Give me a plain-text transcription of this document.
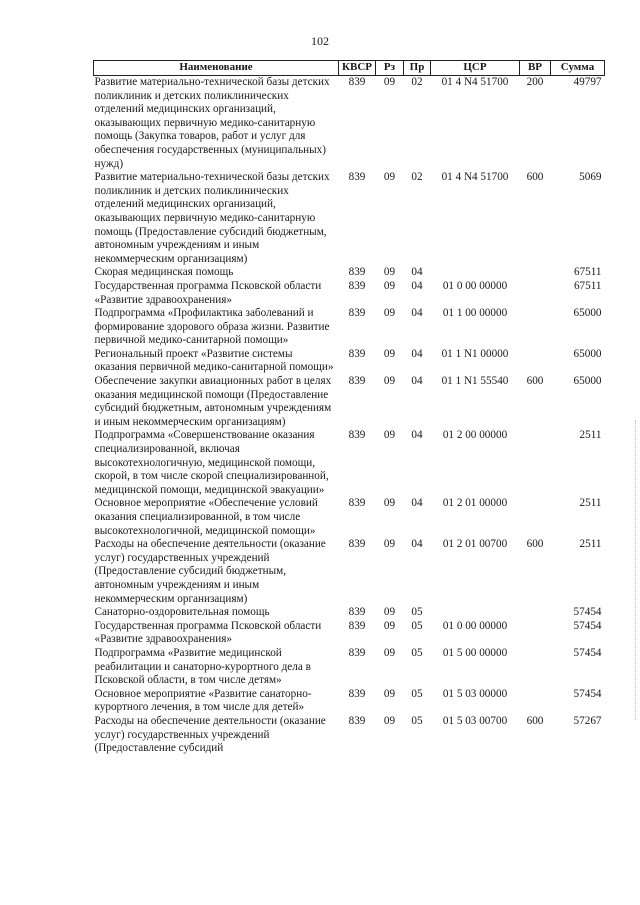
102
Наименование	КВСР	Рз	Пр	ЦСР	ВР	Сумма
Развитие материально-технической базы детских поликлиник и детских поликлинических отделений медицинских организаций, оказывающих первичную медико-санитарную помощь (Закупка товаров, работ и услуг для обеспечения государственных (муниципальных) нужд)	839	09	02	01 4 N4 51700	200	49797
Развитие материально-технической базы детских поликлиник и детских поликлинических отделений медицинских организаций, оказывающих первичную медико-санитарную помощь (Предоставление субсидий бюджетным, автономным учреждениям и иным некоммерческим организациям)	839	09	02	01 4 N4 51700	600	5069
Скорая медицинская помощь	839	09	04			67511
Государственная программа Псковской области «Развитие здравоохранения»	839	09	04	01 0 00 00000		67511
Подпрограмма «Профилактика заболеваний и формирование здорового образа жизни. Развитие первичной медико-санитарной помощи»	839	09	04	01 1 00 00000		65000
Региональный проект «Развитие системы оказания первичной медико-санитарной помощи»	839	09	04	01 1 N1 00000		65000
Обеспечение закупки авиационных работ в целях оказания медицинской помощи (Предоставление субсидий бюджетным, автономным учреждениям и иным некоммерческим организациям)	839	09	04	01 1 N1 55540	600	65000
Подпрограмма «Совершенствование оказания специализированной, включая высокотехнологичную, медицинской помощи, скорой, в том числе скорой специализированной, медицинской помощи, медицинской эвакуации»	839	09	04	01 2 00 00000		2511
Основное мероприятие «Обеспечение условий оказания специализированной, в том числе высокотехнологичной, медицинской помощи»	839	09	04	01 2 01 00000		2511
Расходы на обеспечение деятельности (оказание услуг) государственных учреждений (Предоставление субсидий бюджетным, автономным учреждениям и иным некоммерческим организациям)	839	09	04	01 2 01 00700	600	2511
Санаторно-оздоровительная помощь	839	09	05			57454
Государственная программа Псковской области «Развитие здравоохранения»	839	09	05	01 0 00 00000		57454
Подпрограмма «Развитие медицинской реабилитации и санаторно-курортного дела в Псковской области, в том числе детям»	839	09	05	01 5 00 00000		57454
Основное мероприятие «Развитие санаторно-курортного лечения, в том числе для детей»	839	09	05	01 5 03 00000		57454
Расходы на обеспечение деятельности (оказание услуг) государственных учреждений (Предоставление субсидий	839	09	05	01 5 03 00700	600	57267
